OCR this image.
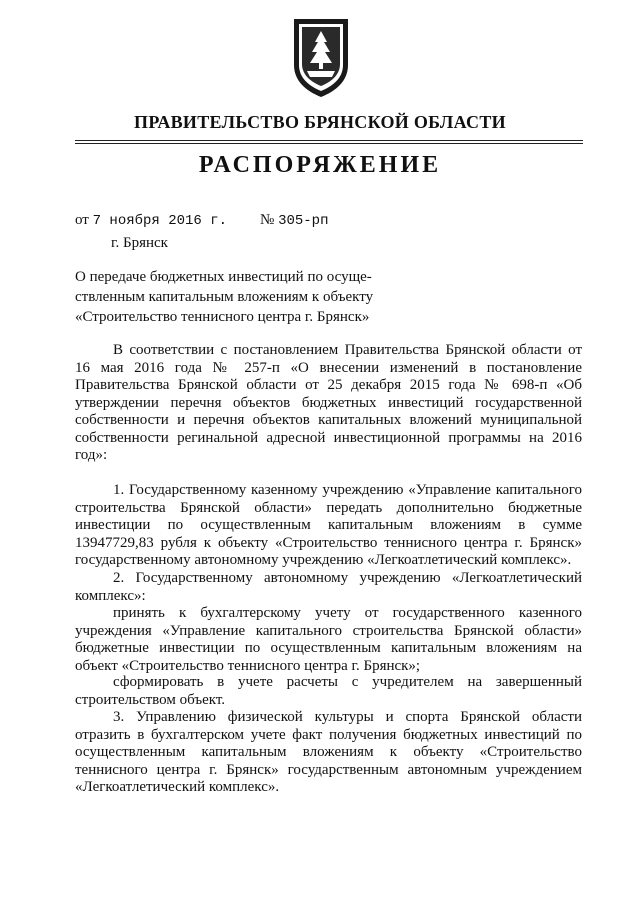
ПРАВИТЕЛЬСТВО БРЯНСКОЙ ОБЛАСТИ
РАСПОРЯЖЕНИЕ
от 7 ноября 2016 г. № 305-рп
г. Брянск
О передаче бюджетных инвестиций по осуще-
ствленным капитальным вложениям к объекту
«Строительство теннисного центра г. Брянск»
В соответствии с постановлением Правительства Брянской области от 16 мая 2016 года № 257-п «О внесении изменений в постановление Правительства Брянской области от 25 декабря 2015 года № 698-п «Об утверждении перечня объектов бюджетных инвестиций государственной собственности и перечня объектов капитальных вложений муниципальной собственности регинальной адресной инвестиционной программы на 2016 год»:
1. Государственному казенному учреждению «Управление капитального строительства Брянской области» передать дополнительно бюджетные инвестиции по осуществленным капитальным вложениям в сумме 13947729,83 рубля к объекту «Строительство теннисного центра г. Брянск» государственному автономному учреждению «Легкоатлетический комплекс».
2. Государственному автономному учреждению «Легкоатлетический комплекс»:
принять к бухгалтерскому учету от государственного казенного учреждения «Управление капитального строительства Брянской области» бюджетные инвестиции по осуществленным капитальным вложениям на объект «Строительство теннисного центра г. Брянск»;
сформировать в учете расчеты с учредителем на завершенный строительством объект.
3. Управлению физической культуры и спорта Брянской области отразить в бухгалтерском учете факт получения бюджетных инвестиций по осуществленным капитальным вложениям к объекту «Строительство теннисного центра г. Брянск» государственным автономным учреждением «Легкоатлетический комплекс».
